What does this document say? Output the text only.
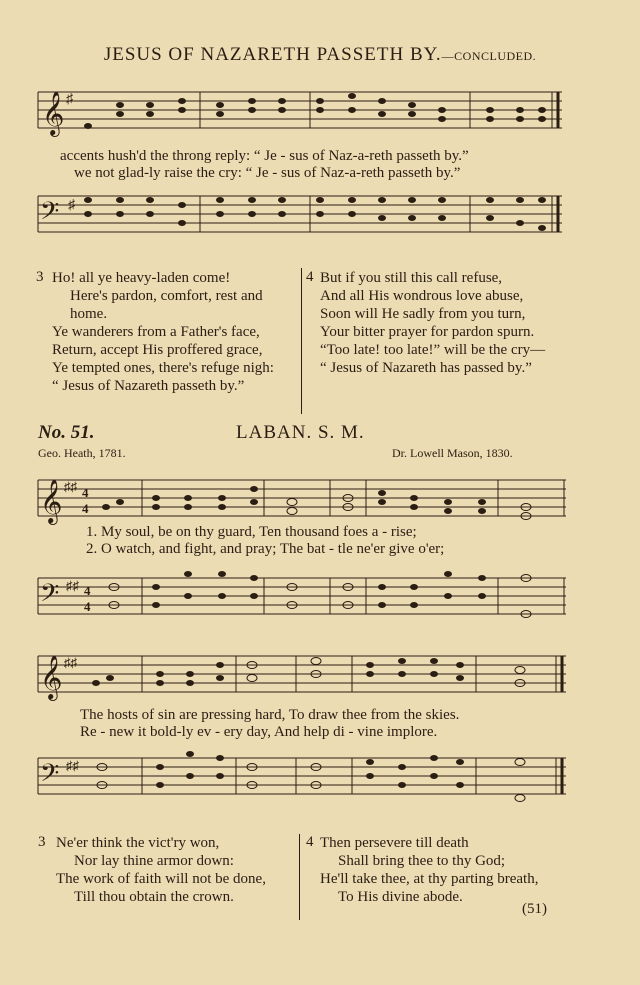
JESUS OF NAZARETH PASSETH BY.—CONCLUDED.
𝄞 ♯
accents hush'd the throng reply: “ Je - sus of Naz-a-reth passeth by.”
we not glad-ly raise the cry: “ Je - sus of Naz-a-reth passeth by.”
𝄢 ♯
3 Ho! all ye heavy-laden come!
Here's pardon, comfort, rest and home.
Ye wanderers from a Father's face,
Return, accept His proffered grace,
Ye tempted ones, there's refuge nigh:
“ Jesus of Nazareth passeth by.”
4 But if you still this call refuse,
And all His wondrous love abuse,
Soon will He sadly from you turn,
Your bitter prayer for pardon spurn.
“Too late! too late!” will be the cry—
“ Jesus of Nazareth has passed by.”
No. 51.	LABAN. S. M.
Geo. Heath, 1781.	Dr. Lowell Mason, 1830.
𝄞 ♯♯ 4
4
1. My soul, be on thy guard, Ten thousand foes a - rise;
2. O watch, and fight, and pray; The bat - tle ne'er give o'er;
𝄢 ♯♯ 4
4
𝄞 ♯♯
The hosts of sin are pressing hard, To draw thee from the skies.
Re - new it bold-ly ev - ery day, And help di - vine implore.
𝄢 ♯♯
3 Ne'er think the vict'ry won,
Nor lay thine armor down:
The work of faith will not be done,
Till thou obtain the crown.
4 Then persevere till death
Shall bring thee to thy God;
He'll take thee, at thy parting breath,
To His divine abode.
(51)
